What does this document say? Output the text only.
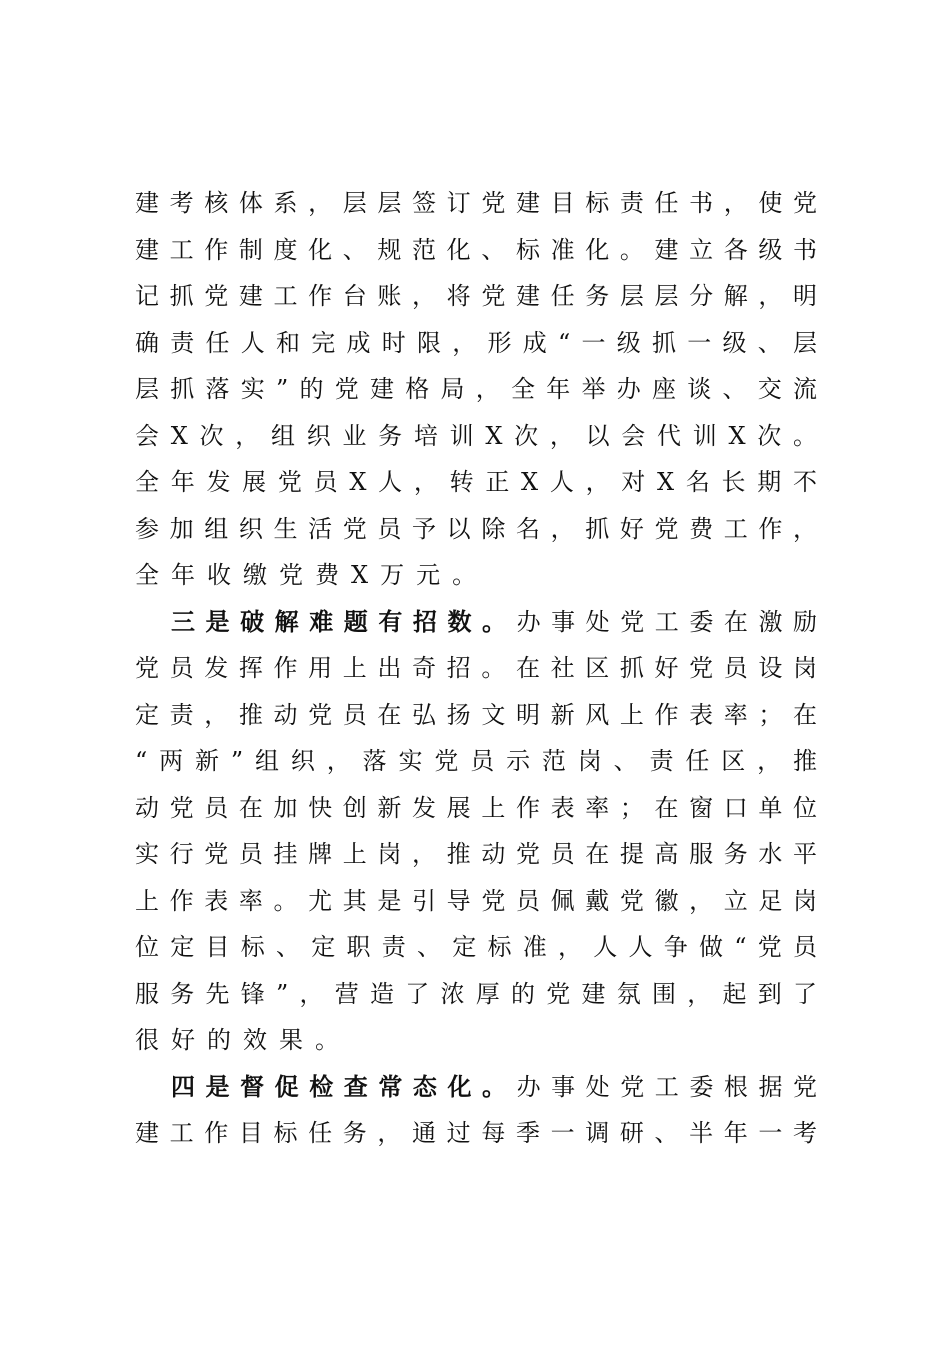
建考核体系，层层签订党建目标责任书，使党
建工作制度化、规范化、标准化。建立各级书
记抓党建工作台账，将党建任务层层分解，明
确责任人和完成时限，形成“一级抓一级、层
层抓落实”的党建格局，全年举办座谈、交流
会X次，组织业务培训X次，以会代训X次。
全年发展党员X人，转正X人，对X名长期不
参加组织生活党员予以除名，抓好党费工作，
全年收缴党费X万元。
三是破解难题有招数。办事处党工委在激励
党员发挥作用上出奇招。在社区抓好党员设岗
定责，推动党员在弘扬文明新风上作表率；在
“两新”组织，落实党员示范岗、责任区，推
动党员在加快创新发展上作表率；在窗口单位
实行党员挂牌上岗，推动党员在提高服务水平
上作表率。尤其是引导党员佩戴党徽，立足岗
位定目标、定职责、定标准，人人争做“党员
服务先锋”，营造了浓厚的党建氛围，起到了
很好的效果。
四是督促检查常态化。办事处党工委根据党
建工作目标任务，通过每季一调研、半年一考
